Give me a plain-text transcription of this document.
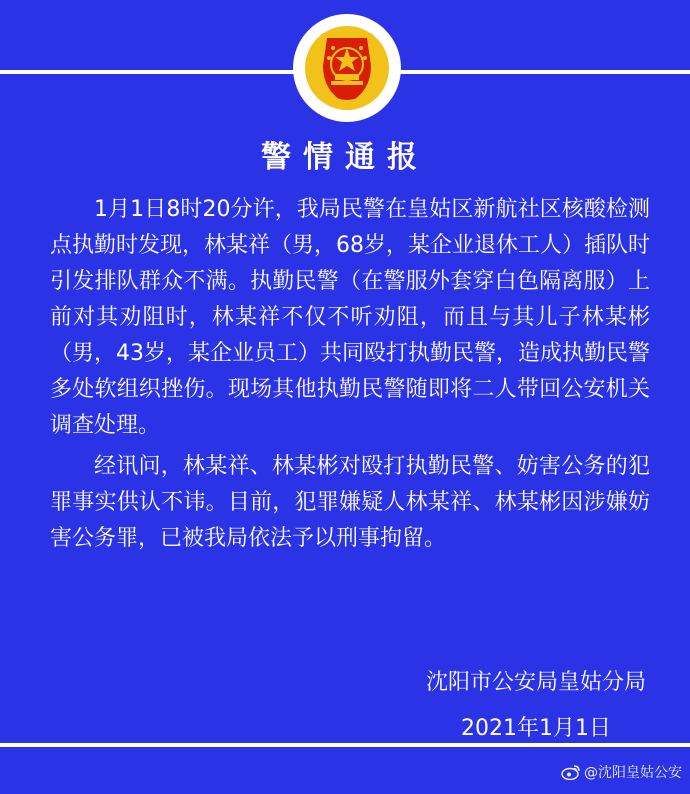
警情通报

1月1日8时20分许，我局民警在皇姑区新航社区核酸检测点执勤时发现，林某祥（男，68岁，某企业退休工人）插队时引发排队群众不满。执勤民警（在警服外套穿白色隔离服）上前对其劝阻时，林某祥不仅不听劝阻，而且与其儿子林某彬（男，43岁，某企业员工）共同殴打执勤民警，造成执勤民警多处软组织挫伤。现场其他执勤民警随即将二人带回公安机关调查处理。

经讯问，林某祥、林某彬对殴打执勤民警、妨害公务的犯罪事实供认不讳。目前，犯罪嫌疑人林某祥、林某彬因涉嫌妨害公务罪，已被我局依法予以刑事拘留。

沈阳市公安局皇姑分局
2021年1月1日
@沈阳皇姑公安
